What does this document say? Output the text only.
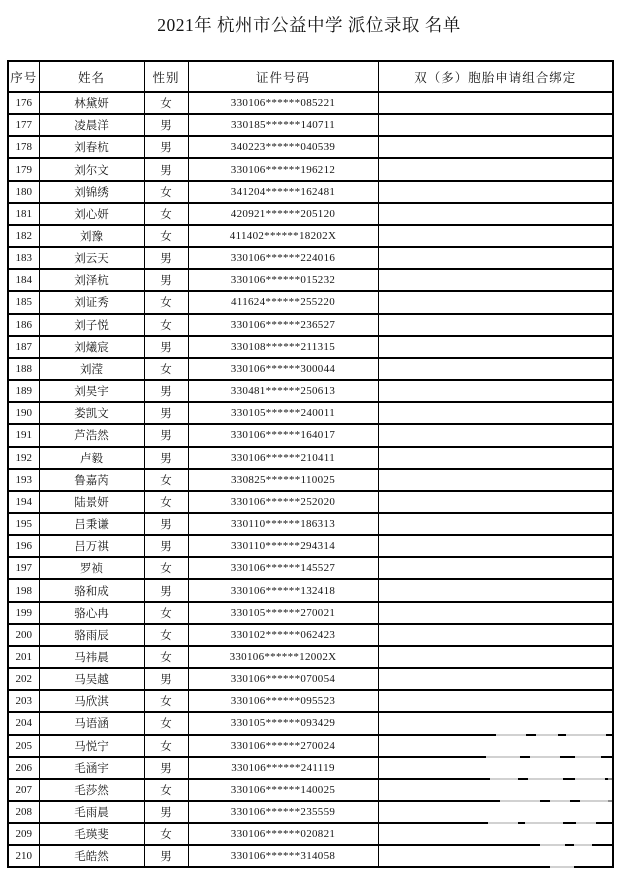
2021年 杭州市公益中学 派位录取 名单
序号	姓名	性别	证件号码	双（多）胞胎申请组合绑定
176	林黛妍	女	330106******085221	
177	凌晨洋	男	330185******140711	
178	刘春杭	男	340223******040539	
179	刘尔文	男	330106******196212	
180	刘锦绣	女	341204******162481	
181	刘心妍	女	420921******205120	
182	刘豫	女	411402******18202X	
183	刘云天	男	330106******224016	
184	刘泽杭	男	330106******015232	
185	刘证秀	女	411624******255220	
186	刘子悦	女	330106******236527	
187	刘爔宸	男	330108******211315	
188	刘滢	女	330106******300044	
189	刘昊宇	男	330481******250613	
190	娄凯文	男	330105******240011	
191	芦浩然	男	330106******164017	
192	卢毅	男	330106******210411	
193	鲁嘉芮	女	330825******110025	
194	陆景妍	女	330106******252020	
195	吕秉谦	男	330110******186313	
196	吕万祺	男	330110******294314	
197	罗祯	女	330106******145527	
198	骆和成	男	330106******132418	
199	骆心冉	女	330105******270021	
200	骆雨辰	女	330102******062423	
201	马祎晨	女	330106******12002X	
202	马吴越	男	330106******070054	
203	马欣淇	女	330106******095523	
204	马语涵	女	330105******093429	
205	马悦宁	女	330106******270024	
206	毛涵宇	男	330106******241119	
207	毛莎然	女	330106******140025	
208	毛雨晨	男	330106******235559	
209	毛瑛斐	女	330106******020821	
210	毛皓然	男	330106******314058	
